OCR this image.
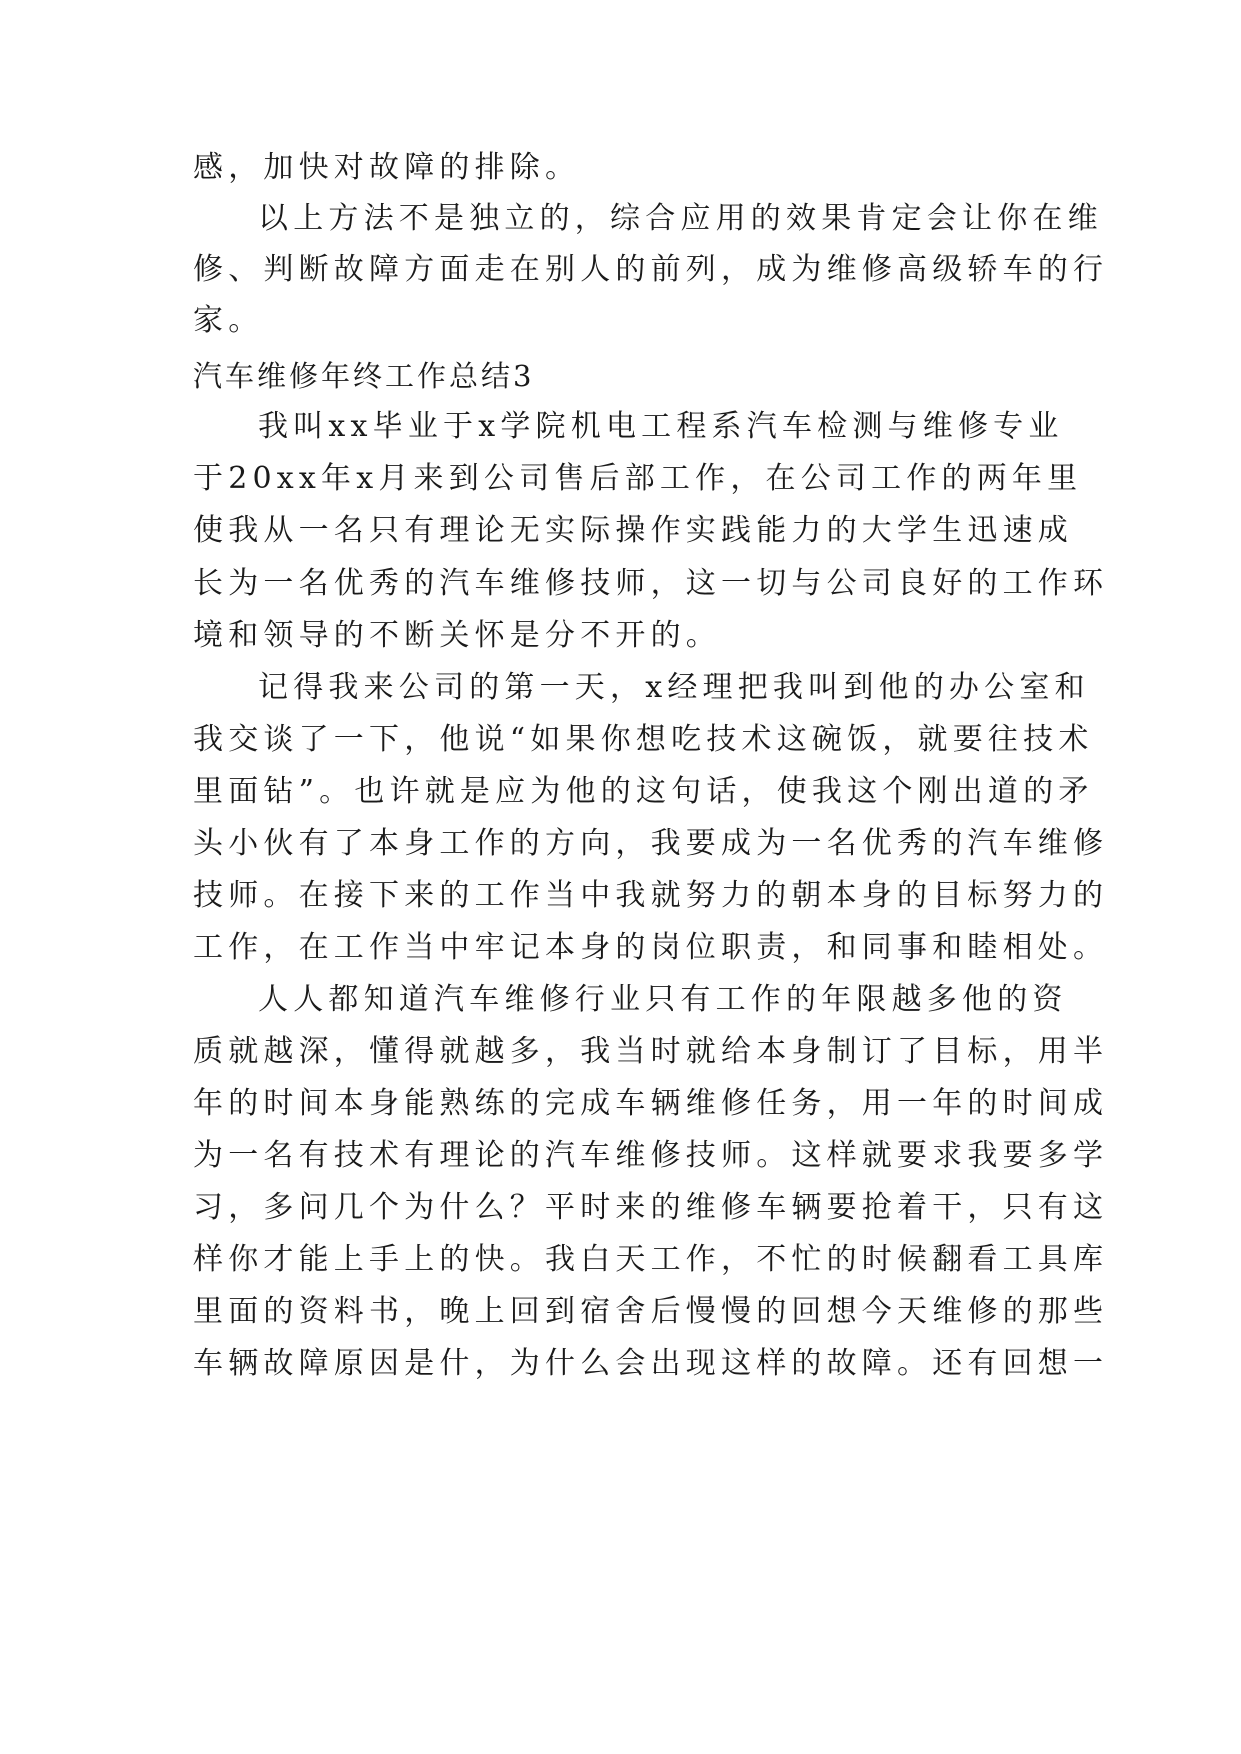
感，加快对故障的排除。
以上方法不是独立的，综合应用的效果肯定会让你在维
修、判断故障方面走在别人的前列，成为维修高级轿车的行
家。
汽车维修年终工作总结3
我叫xx毕业于x学院机电工程系汽车检测与维修专业
于20xx年x月来到公司售后部工作，在公司工作的两年里
使我从一名只有理论无实际操作实践能力的大学生迅速成
长为一名优秀的汽车维修技师，这一切与公司良好的工作环
境和领导的不断关怀是分不开的。
记得我来公司的第一天，x经理把我叫到他的办公室和
我交谈了一下，他说“如果你想吃技术这碗饭，就要往技术
里面钻”。也许就是应为他的这句话，使我这个刚出道的矛
头小伙有了本身工作的方向，我要成为一名优秀的汽车维修
技师。在接下来的工作当中我就努力的朝本身的目标努力的
工作，在工作当中牢记本身的岗位职责，和同事和睦相处。
人人都知道汽车维修行业只有工作的年限越多他的资
质就越深，懂得就越多，我当时就给本身制订了目标，用半
年的时间本身能熟练的完成车辆维修任务，用一年的时间成
为一名有技术有理论的汽车维修技师。这样就要求我要多学
习，多问几个为什么？平时来的维修车辆要抢着干，只有这
样你才能上手上的快。我白天工作，不忙的时候翻看工具库
里面的资料书，晚上回到宿舍后慢慢的回想今天维修的那些
车辆故障原因是什，为什么会出现这样的故障。还有回想一
